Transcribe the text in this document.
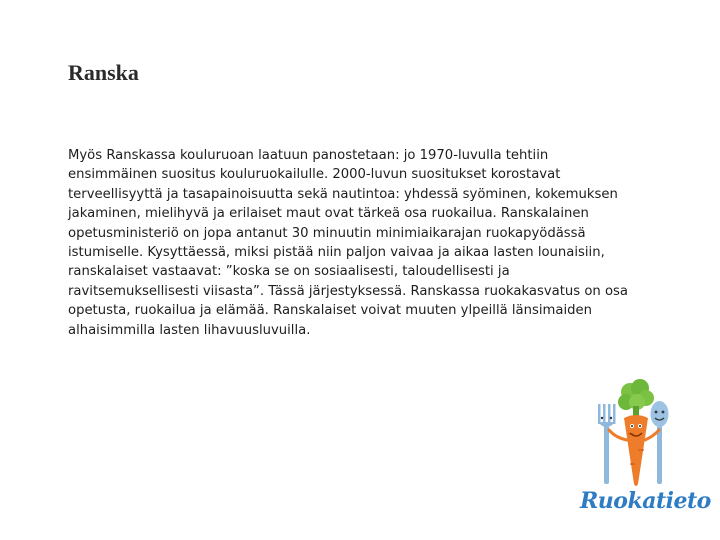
Ranska

Myös Ranskassa kouluruoan laatuun panostetaan: jo 1970-luvulla tehtiin ensimmäinen suositus kouluruokailulle. 2000-luvun suositukset korostavat terveellisyyttä ja tasapainoisuutta sekä nautintoa: yhdessä syöminen, kokemuksen jakaminen, mielihyvä ja erilaiset maut ovat tärkeä osa ruokailua. Ranskalainen opetusministeriö on jopa antanut 30 minuutin minimiaikarajan ruokapyödässä istumiselle. Kysyttäessä, miksi pistää niin paljon vaivaa ja aikaa lasten lounaisiin, ranskalaiset vastaavat: ”koska se on sosiaalisesti, taloudellisesti ja ravitsemuksellisesti viisasta”. Tässä järjestyksessä. Ranskassa ruokakasvatus on osa opetusta, ruokailua ja elämää. Ranskalaiset voivat muuten ylpeillä länsimaiden alhaisimmilla lasten lihavuusluvuilla.

Ruokatieto
